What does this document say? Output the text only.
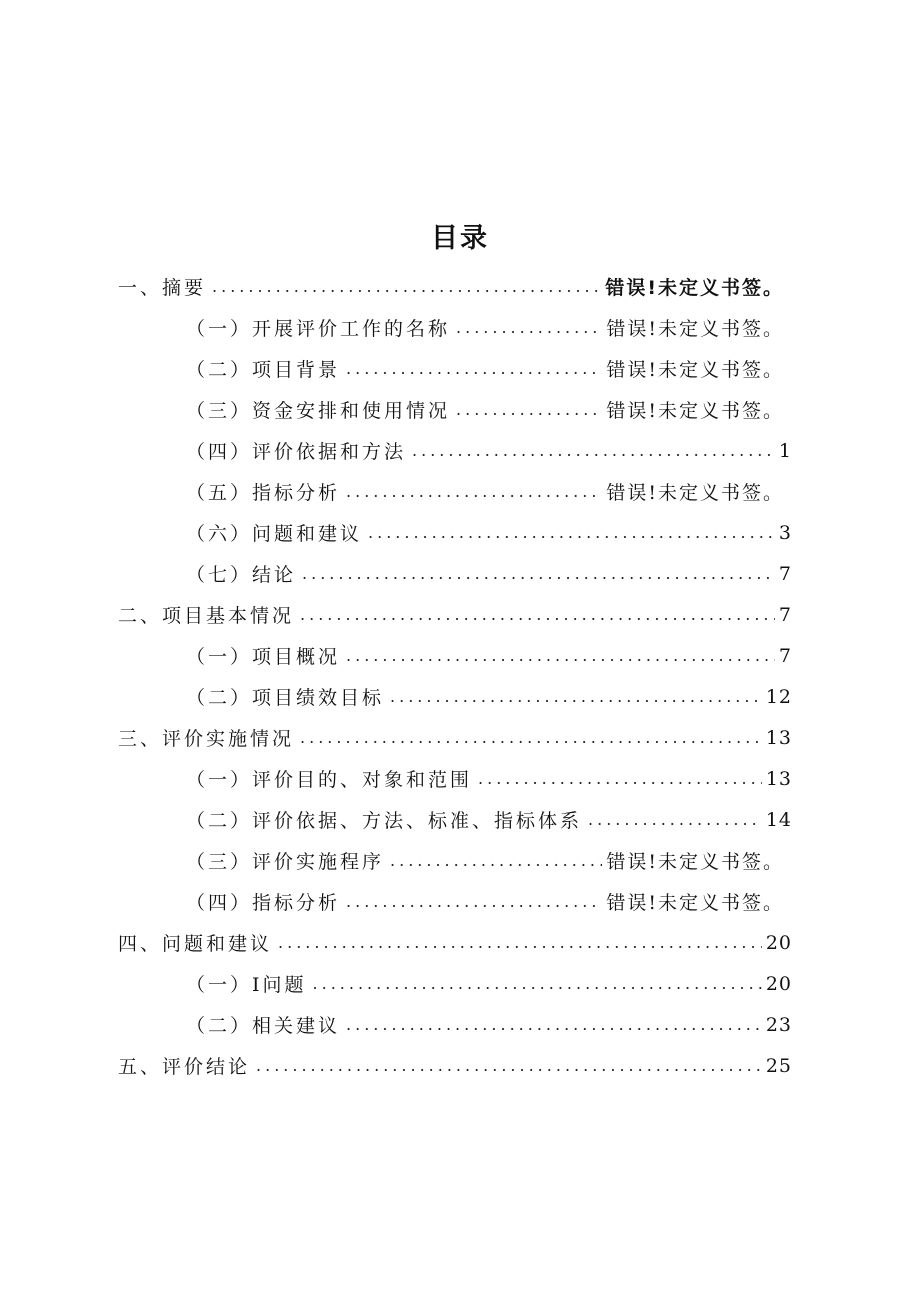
目录
一、摘要 .....	错误!未定义书签。
（一）开展评价工作的名称 .....	错误!未定义书签。
（二）项目背景 .....	错误!未定义书签。
（三）资金安排和使用情况 .....	错误!未定义书签。
（四）评价依据和方法 .....	1
（五）指标分析 .....	错误!未定义书签。
（六）问题和建议 .....	3
（七）结论 .....	7
二、项目基本情况 .....	7
（一）项目概况 .....	7
（二）项目绩效目标 .....	12
三、评价实施情况 .....	13
（一）评价目的、对象和范围 .....	13
（二）评价依据、方法、标准、指标体系 .....	14
（三）评价实施程序 .....	错误!未定义书签。
（四）指标分析 .....	错误!未定义书签。
四、问题和建议 .....	20
（一）I问题 .....	20
（二）相关建议 .....	23
五、评价结论 .....	25
